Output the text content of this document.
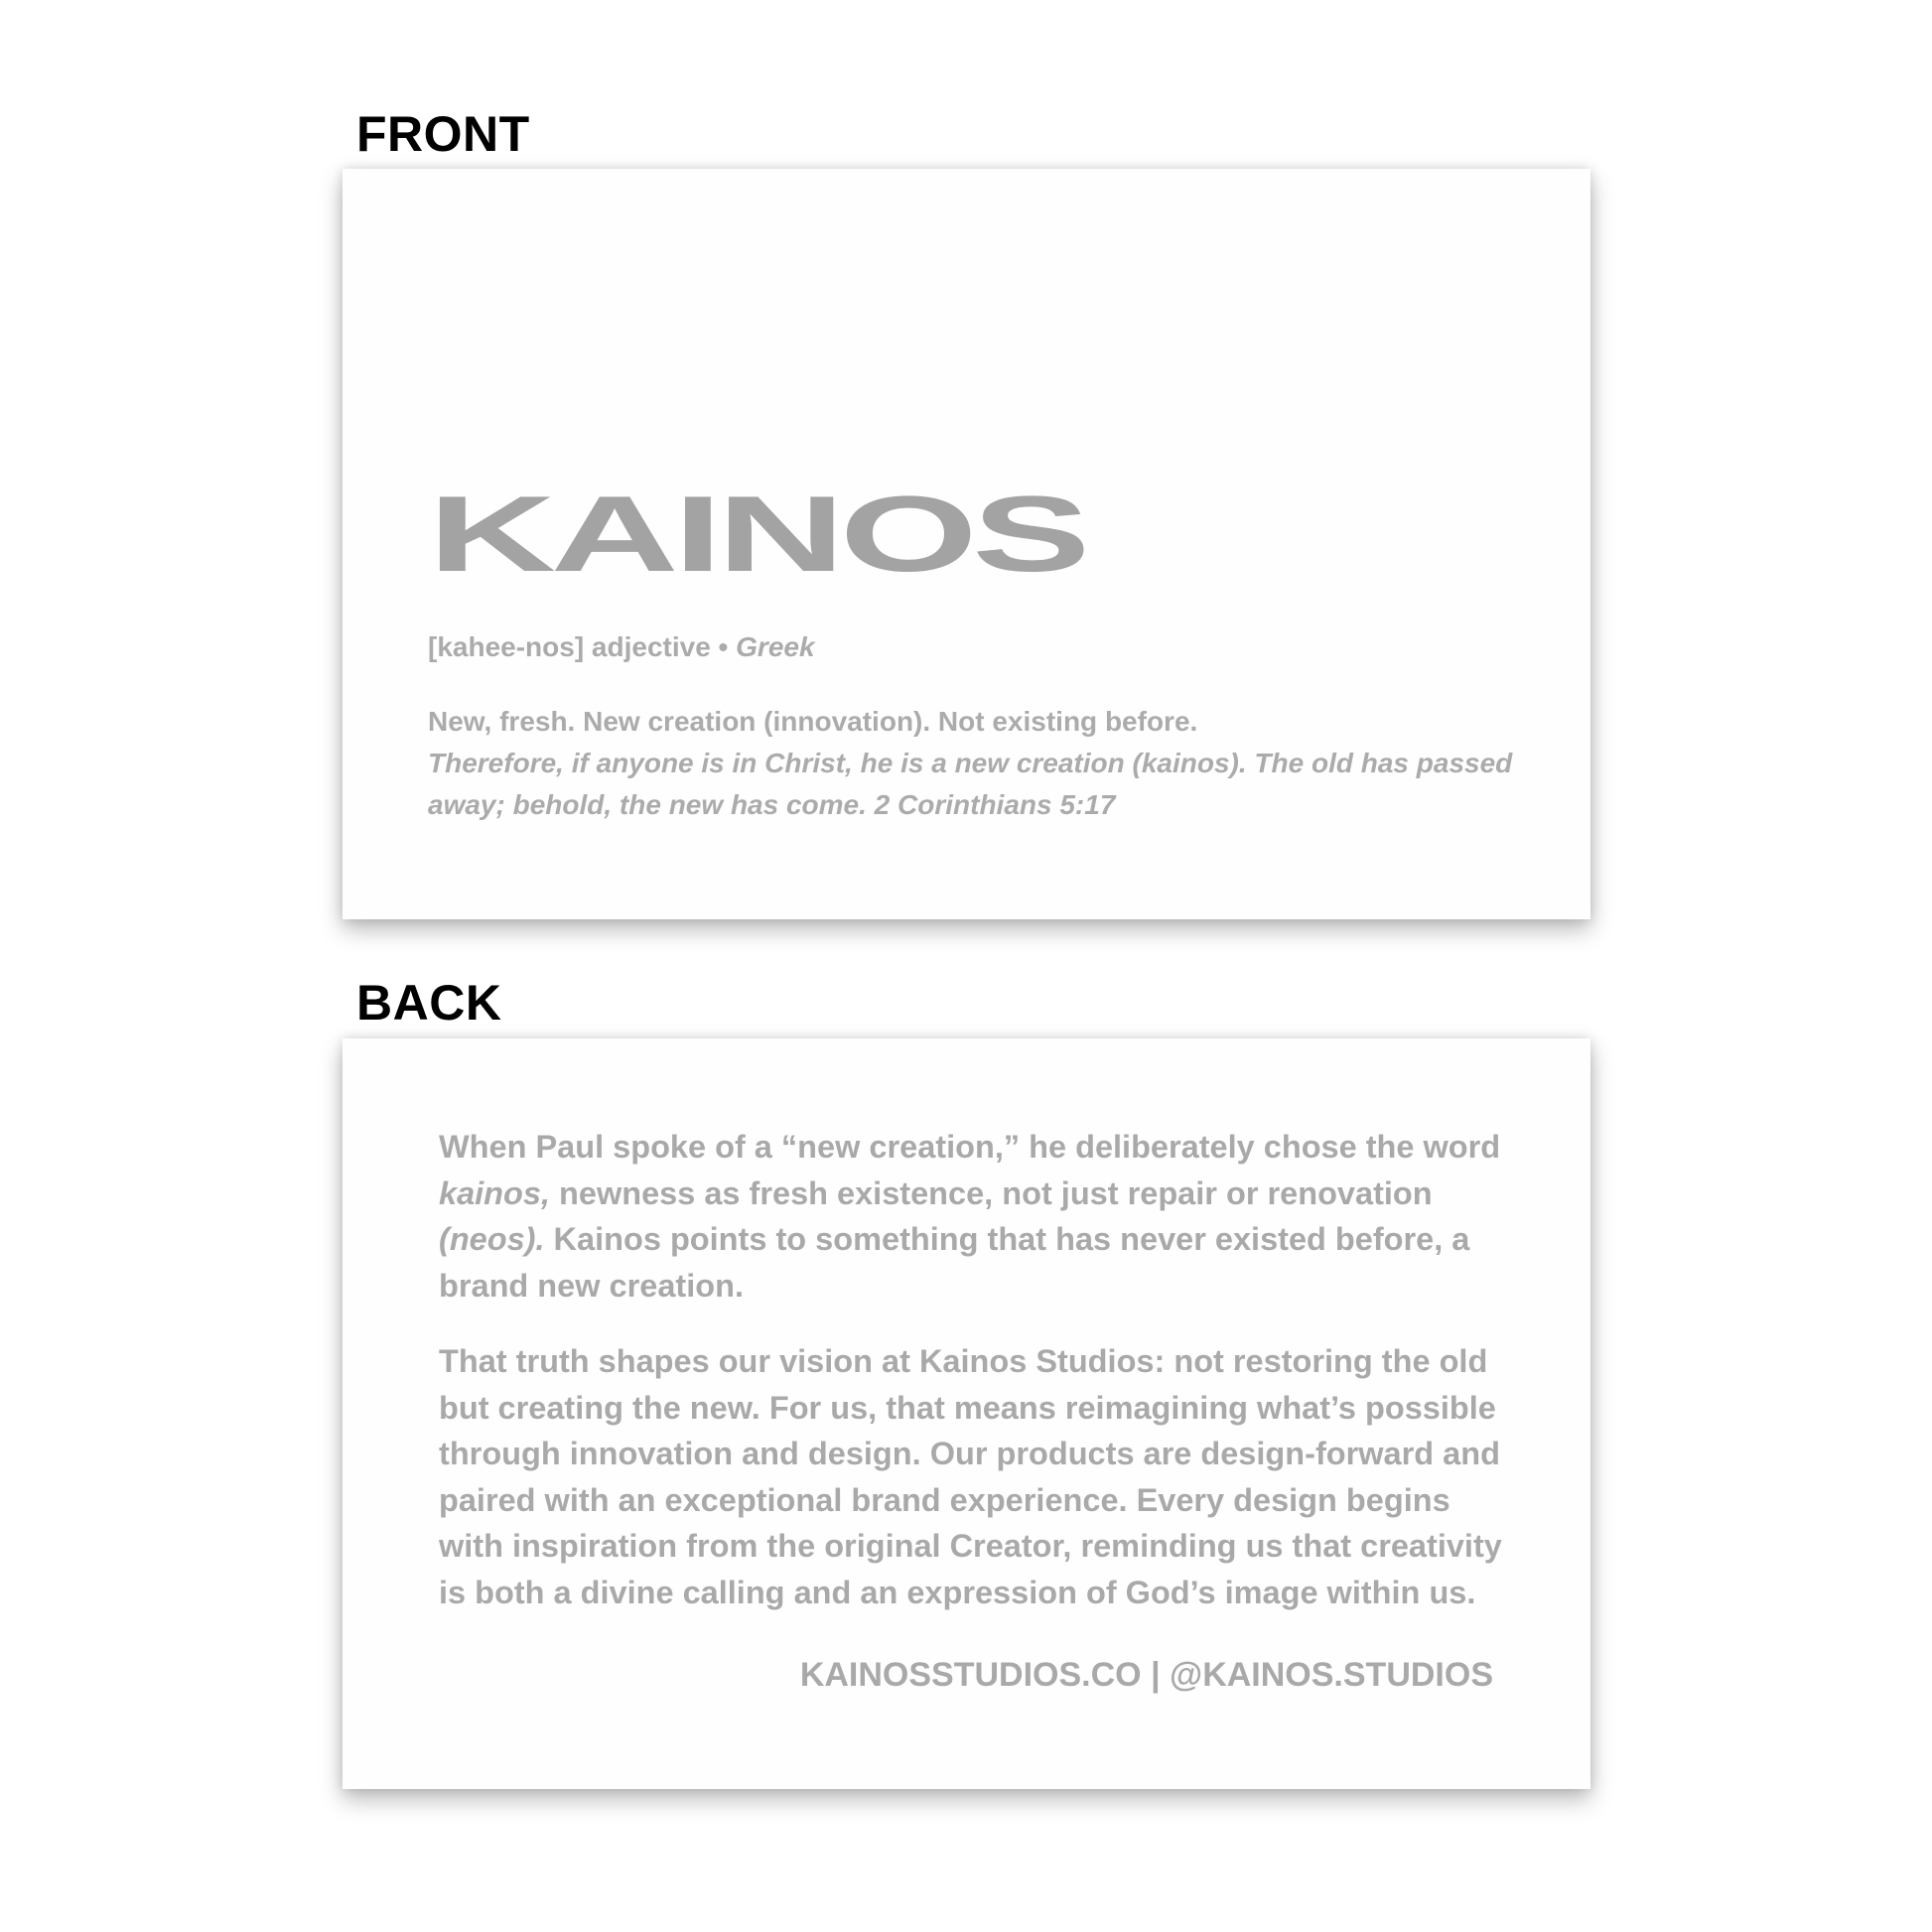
FRONT
KAINOS

[kahee-nos] adjective • Greek

New, fresh. New creation (innovation). Not existing before.
Therefore, if anyone is in Christ, he is a new creation (kainos). The old has passed away; behold, the new has come. 2 Corinthians 5:17

BACK

When Paul spoke of a “new creation,” he deliberately chose the word kainos, newness as fresh existence, not just repair or renovation (neos). Kainos points to something that has never existed before, a brand new creation.

That truth shapes our vision at Kainos Studios: not restoring the old but creating the new. For us, that means reimagining what’s possible through innovation and design. Our products are design-forward and paired with an exceptional brand experience. Every design begins with inspiration from the original Creator, reminding us that creativity is both a divine calling and an expression of God’s image within us.

KAINOSSTUDIOS.CO | @KAINOS.STUDIOS
